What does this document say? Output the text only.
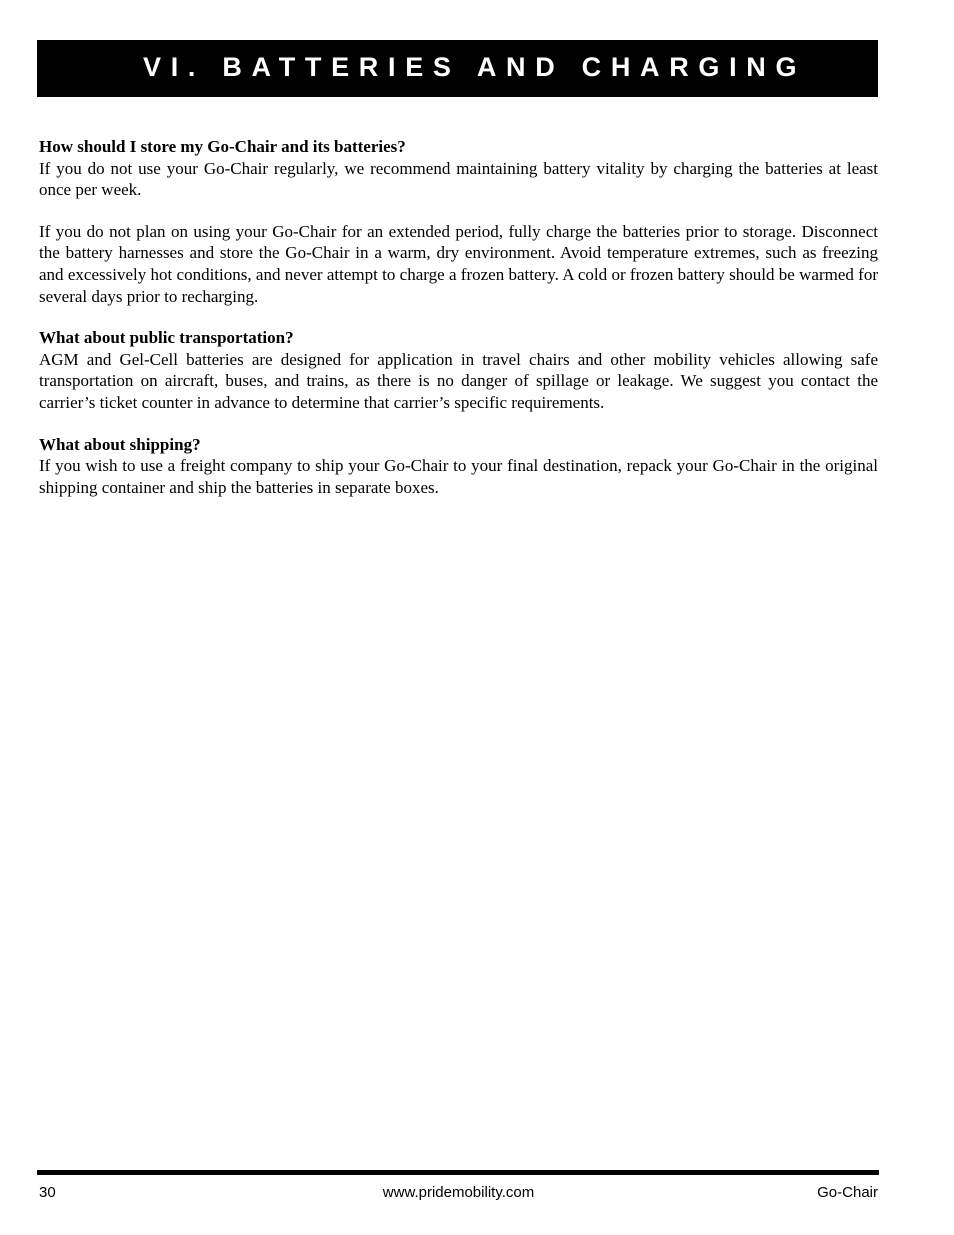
VI. BATTERIES AND CHARGING

How should I store my Go-Chair and its batteries?

If you do not use your Go-Chair regularly, we recommend maintaining battery vitality by charging the batteries at least once per week.

If you do not plan on using your Go-Chair for an extended period, fully charge the batteries prior to storage. Disconnect the battery harnesses and store the Go-Chair in a warm, dry environment. Avoid temperature extremes, such as freezing and excessively hot conditions, and never attempt to charge a frozen battery. A cold or frozen battery should be warmed for several days prior to recharging.

What about public transportation?

AGM and Gel-Cell batteries are designed for application in travel chairs and other mobility vehicles allowing safe transportation on aircraft, buses, and trains, as there is no danger of spillage or leakage. We suggest you contact the carrier’s ticket counter in advance to determine that carrier’s specific requirements.

What about shipping?

If you wish to use a freight company to ship your Go-Chair to your final destination, repack your Go-Chair in the original shipping container and ship the batteries in separate boxes.

30	www.pridemobility.com	Go-Chair
